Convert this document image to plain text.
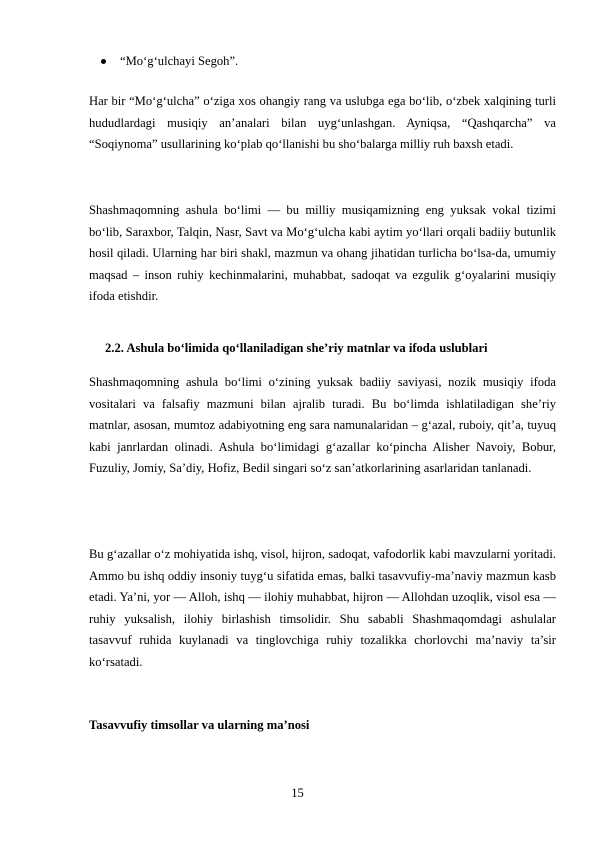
“Mo‘g‘ulchayi Segoh”.

Har bir “Mo‘g‘ulcha” o‘ziga xos ohangiy rang va uslubga ega bo‘lib, o‘zbek xalqining turli hududlardagi musiqiy an’analari bilan uyg‘unlashgan. Ayniqsa, “Qashqarcha” va “Soqiynoma” usullarining ko‘plab qo‘llanishi bu sho‘balarga milliy ruh baxsh etadi.

Shashmaqomning ashula bo‘limi — bu milliy musiqamizning eng yuksak vokal tizimi bo‘lib, Saraxbor, Talqin, Nasr, Savt va Mo‘g‘ulcha kabi aytim yo‘llari orqali badiiy butunlik hosil qiladi. Ularning har biri shakl, mazmun va ohang jihatidan turlicha bo‘lsa-da, umumiy maqsad – inson ruhiy kechinmalarini, muhabbat, sadoqat va ezgulik g‘oyalarini musiqiy ifoda etishdir.

2.2. Ashula bo‘limida qo‘llaniladigan she’riy matnlar va ifoda uslublari

Shashmaqomning ashula bo‘limi o‘zining yuksak badiiy saviyasi, nozik musiqiy ifoda vositalari va falsafiy mazmuni bilan ajralib turadi. Bu bo‘limda ishlatiladigan she’riy matnlar, asosan, mumtoz adabiyotning eng sara namunalaridan – g‘azal, ruboiy, qit’a, tuyuq kabi janrlardan olinadi. Ashula bo‘limidagi g‘azallar ko‘pincha Alisher Navoiy, Bobur, Fuzuliy, Jomiy, Sa’diy, Hofiz, Bedil singari so‘z san’atkorlarining asarlaridan tanlanadi.

Bu g‘azallar o‘z mohiyatida ishq, visol, hijron, sadoqat, vafodorlik kabi mavzularni yoritadi. Ammo bu ishq oddiy insoniy tuyg‘u sifatida emas, balki tasavvufiy-ma’naviy mazmun kasb etadi. Ya’ni, yor — Alloh, ishq — ilohiy muhabbat, hijron — Allohdan uzoqlik, visol esa — ruhiy yuksalish, ilohiy birlashish timsolidir. Shu sababli Shashmaqomdagi ashulalar tasavvuf ruhida kuylanadi va tinglovchiga ruhiy tozalikka chorlovchi ma’naviy ta’sir ko‘rsatadi.

Tasavvufiy timsollar va ularning ma’nosi
15
